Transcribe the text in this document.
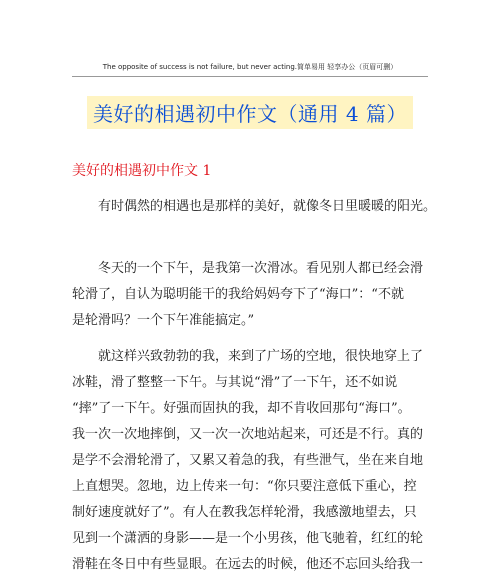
The opposite of success is not failure, but never acting.简单易用 轻享办公（页眉可删）
美好的相遇初中作文（通用 4 篇）
美好的相遇初中作文 1
有时偶然的相遇也是那样的美好，就像冬日里暖暖的阳光。
冬天的一个下午，是我第一次滑冰。看见别人都已经会滑
轮滑了，自认为聪明能干的我给妈妈夸下了“海口”：“不就
是轮滑吗？一个下午准能搞定。”
就这样兴致勃勃的我，来到了广场的空地，很快地穿上了
冰鞋，滑了整整一下午。与其说“滑”了一下午，还不如说
“摔”了一下午。好强而固执的我，却不肯收回那句“海口”。
我一次一次地摔倒，又一次一次地站起来，可还是不行。真的
是学不会滑轮滑了，又累又着急的我，有些泄气，坐在来自地
上直想哭。忽地，边上传来一句：“你只要注意低下重心，控
制好速度就好了”。有人在教我怎样轮滑，我感激地望去，只
见到一个潇洒的身影——是一个小男孩，他飞驰着，红红的轮
滑鞋在冬日中有些显眼。在远去的时候，他还不忘回头给我一
